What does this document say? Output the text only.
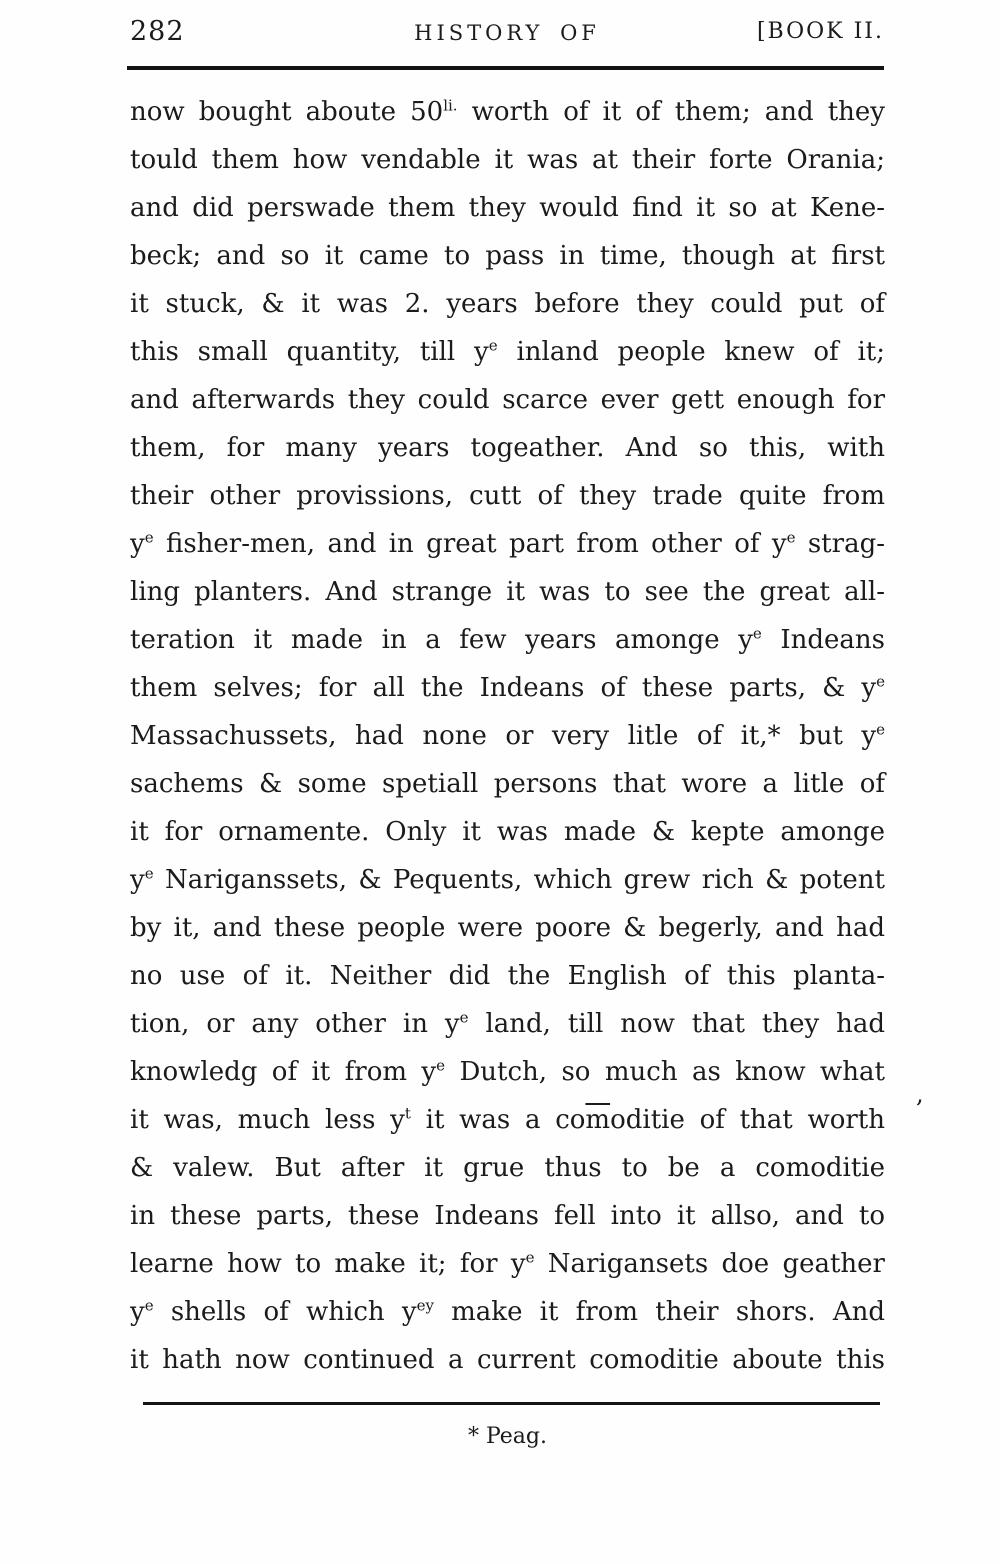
282	HISTORY OF	[BOOK II.
now bought aboute $50^{li.}$ worth of it of them; and they
tould them how vendable it was at their forte Orania;
and did perswade them they would find it so at Kene-
beck; and so it came to pass in time, though at first
it stuck, & it was 2. years before they could put of
this small quantity, till $y^e$ inland people knew of it;
and afterwards they could scarce ever gett enough for
them, for many years togeather. And so this, with
their other provissions, cutt of they trade quite from
$y^e$ fisher-men, and in great part from other of $y^e$ strag-
ling planters. And strange it was to see the great all-
teration it made in a few years amonge $y^e$ Indeans
them selves; for all the Indeans of these parts, & $y^e$
Massachussets, had none or very litle of it,* but $y^e$
sachems & some spetiall persons that wore a litle of
it for ornamente. Only it was made & kepte amonge
$y^e$ Nariganssets, & Pequents, which grew rich & potent
by it, and these people were poore & begerly, and had
no use of it. Neither did the English of this planta-
tion, or any other in $y^e$ land, till now that they had
knowledg of it from $y^e$ Dutch, so much as know what
it was, much less $y^t$ it was a $co\overline{m}oditie$ of that worth
& valew. But after it grue thus to be a comoditie
in these parts, these Indeans fell into it allso, and to
learne how to make it; for $y^e$ Narigansets doe geather
$y^e$ shells of which $y^{ey}$ make it from their shors. And
it hath now continued a current comoditie aboute this
,
* Peag.
